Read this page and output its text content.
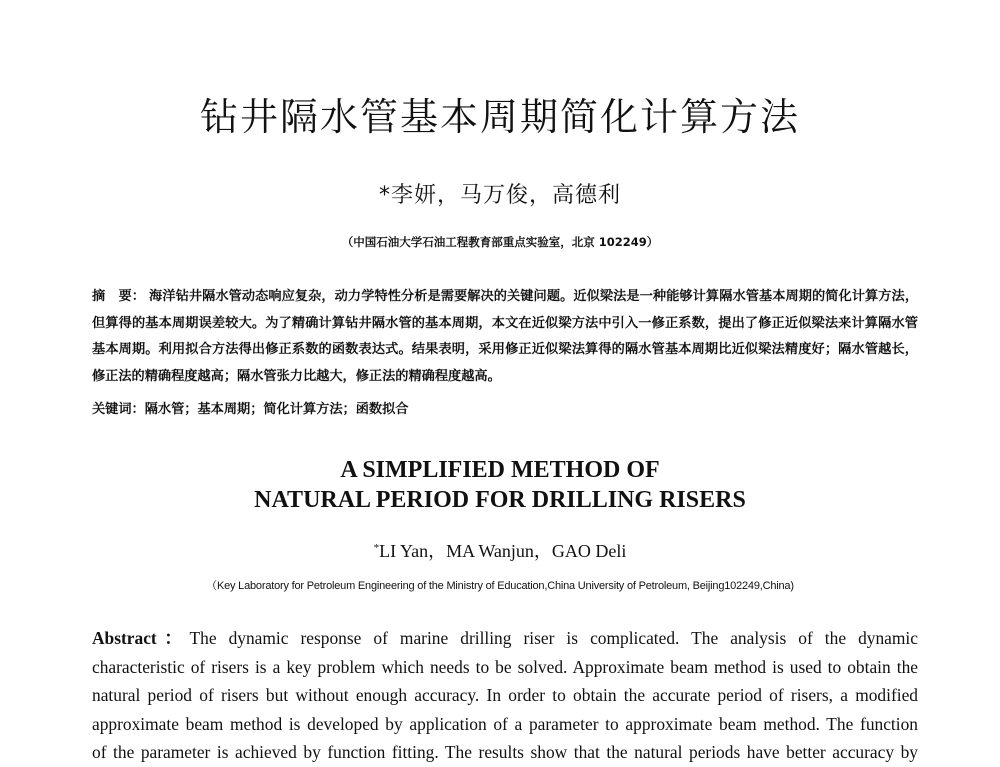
钻井隔水管基本周期简化计算方法
*李妍，马万俊，高德利
（中国石油大学石油工程教育部重点实验室，北京 102249）
摘　要： 海洋钻井隔水管动态响应复杂，动力学特性分析是需要解决的关键问题。近似梁法是一种能够计算隔水管基本周期的简化计算方法，但算得的基本周期误差较大。为了精确计算钻井隔水管的基本周期，本文在近似梁方法中引入一修正系数，提出了修正近似梁法来计算隔水管基本周期。利用拟合方法得出修正系数的函数表达式。结果表明，采用修正近似梁法算得的隔水管基本周期比近似梁法精度好；隔水管越长，修正法的精确程度越高；隔水管张力比越大，修正法的精确程度越高。
关键词：隔水管；基本周期；简化计算方法；函数拟合
A SIMPLIFIED METHOD OF
NATURAL PERIOD FOR DRILLING RISERS
*LI Yan，MA Wanjun，GAO Deli
（Key Laboratory for Petroleum Engineering of the Ministry of Education,China University of Petroleum, Beijing102249,China)
Abstract：The dynamic response of marine drilling riser is complicated. The analysis of the dynamic
characteristic of risers is a key problem which needs to be solved. Approximate beam method is used to obtain the
natural period of risers but without enough accuracy. In order to obtain the accurate period of risers, a modified
approximate beam method is developed by application of a parameter to approximate beam method. The function
of the parameter is achieved by function fitting. The results show that the natural periods have better accuracy by
